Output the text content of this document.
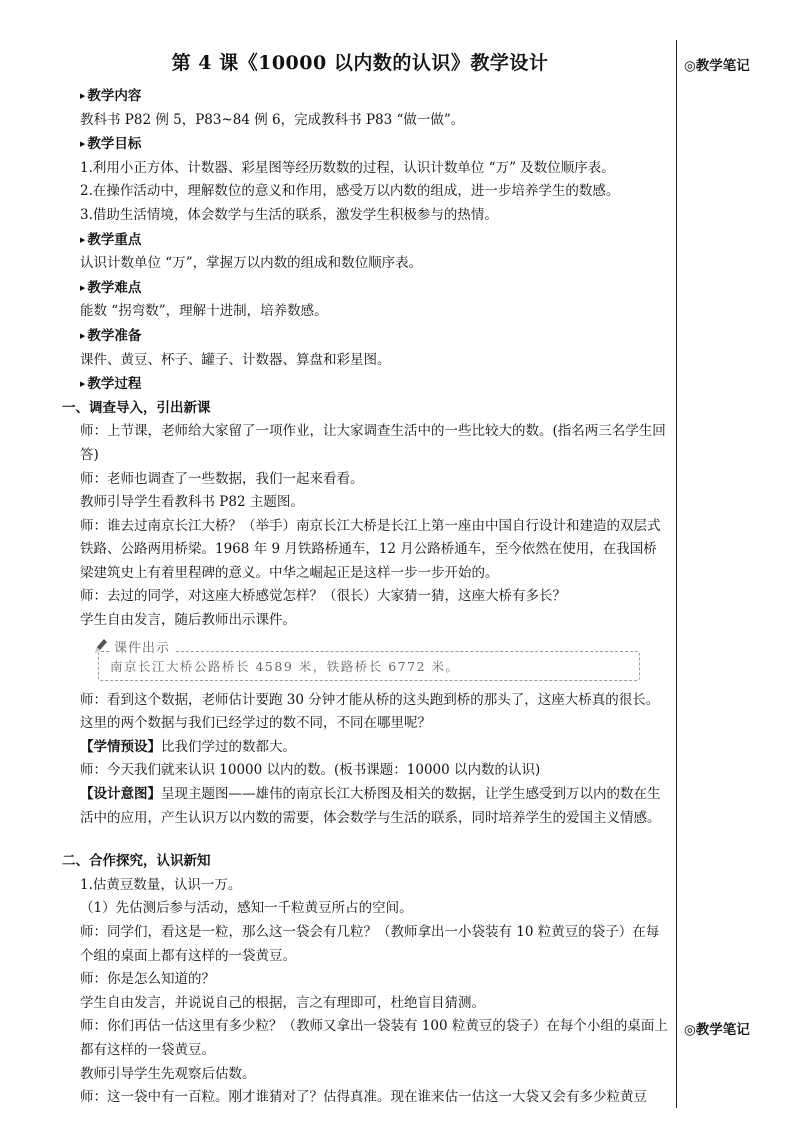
◎教学笔记
◎教学笔记
第 4 课《10000 以内数的认识》教学设计

▶ 教学内容

教科书 P82 例 5，P83~84 例 6，完成教科书 P83 “做一做”。

▶ 教学目标

1.利用小正方体、计数器、彩星图等经历数数的过程，认识计数单位 “万” 及数位顺序表。

2.在操作活动中，理解数位的意义和作用，感受万以内数的组成，进一步培养学生的数感。

3.借助生活情境，体会数学与生活的联系，激发学生积极参与的热情。

▶ 教学重点

认识计数单位 “万”，掌握万以内数的组成和数位顺序表。

▶ 教学难点

能数 “拐弯数”，理解十进制，培养数感。

▶ 教学准备

课件、黄豆、杯子、罐子、计数器、算盘和彩星图。

▶ 教学过程

一、调查导入，引出新课

师：上节课，老师给大家留了一项作业，让大家调查生活中的一些比较大的数。(指名两三名学生回答)

师：老师也调查了一些数据，我们一起来看看。

教师引导学生看教科书 P82 主题图。

师：谁去过南京长江大桥？（举手）南京长江大桥是长江上第一座由中国自行设计和建造的双层式铁路、公路两用桥梁。1968 年 9 月铁路桥通车，12 月公路桥通车，至今依然在使用，在我国桥梁建筑史上有着里程碑的意义。中华之崛起正是这样一步一步开始的。

师：去过的同学，对这座大桥感觉怎样？（很长）大家猜一猜，这座大桥有多长？

学生自由发言，随后教师出示课件。

课件出示
南京长江大桥公路桥长 4589 米，铁路桥长 6772 米。

师：看到这个数据，老师估计要跑 30 分钟才能从桥的这头跑到桥的那头了，这座大桥真的很长。这里的两个数据与我们已经学过的数不同，不同在哪里呢？

【学情预设】比我们学过的数都大。

师：今天我们就来认识 10000 以内的数。(板书课题：10000 以内数的认识)

【设计意图】呈现主题图——雄伟的南京长江大桥图及相关的数据，让学生感受到万以内的数在生活中的应用，产生认识万以内数的需要，体会数学与生活的联系，同时培养学生的爱国主义情感。

二、合作探究，认识新知

1.估黄豆数量，认识一万。

（1）先估测后参与活动，感知一千粒黄豆所占的空间。

师：同学们，看这是一粒，那么这一袋会有几粒？（教师拿出一小袋装有 10 粒黄豆的袋子）在每个组的桌面上都有这样的一袋黄豆。

师：你是怎么知道的？

学生自由发言，并说说自己的根据，言之有理即可，杜绝盲目猜测。

师：你们再估一估这里有多少粒？（教师又拿出一袋装有 100 粒黄豆的袋子）在每个小组的桌面上都有这样的一袋黄豆。

教师引导学生先观察后估数。

师：这一袋中有一百粒。刚才谁猜对了？估得真准。现在谁来估一估这一大袋又会有多少粒黄豆
